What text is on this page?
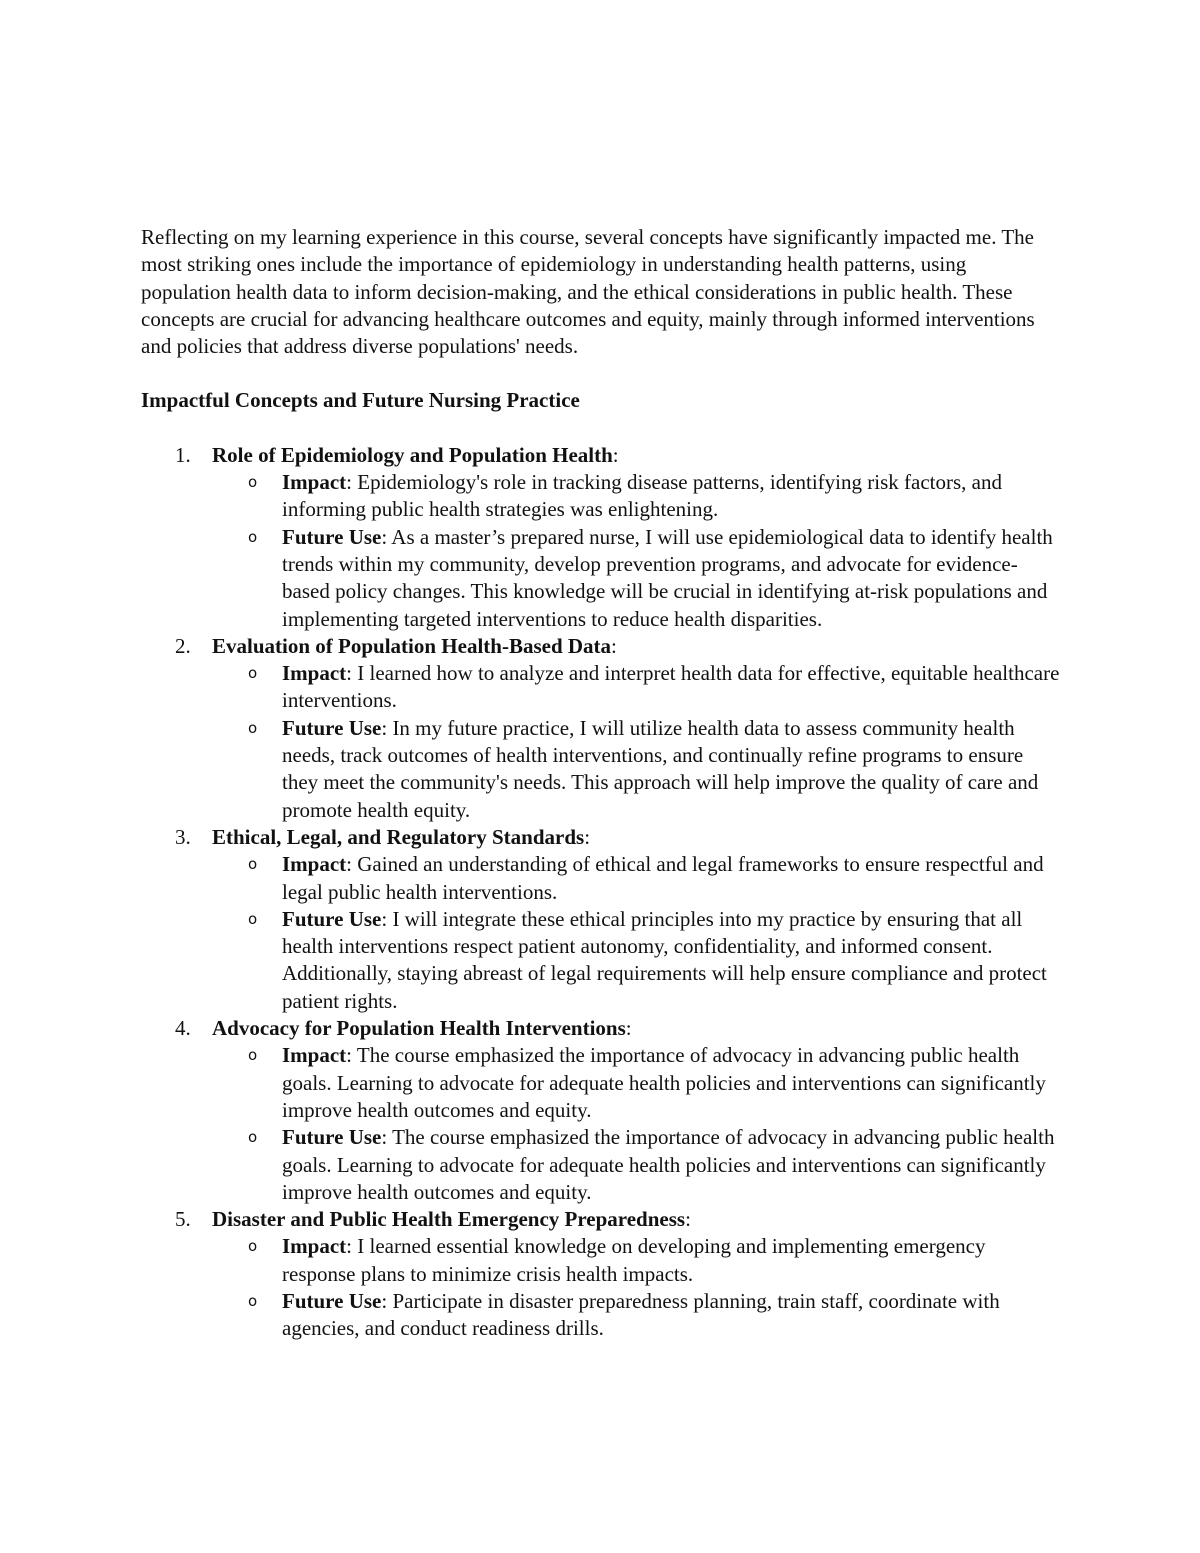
Reflecting on my learning experience in this course, several concepts have significantly impacted me. The most striking ones include the importance of epidemiology in understanding health patterns, using population health data to inform decision-making, and the ethical considerations in public health. These concepts are crucial for advancing healthcare outcomes and equity, mainly through informed interventions and policies that address diverse populations' needs.

Impactful Concepts and Future Nursing Practice

1. Role of Epidemiology and Population Health:
o Impact: Epidemiology's role in tracking disease patterns, identifying risk factors, and informing public health strategies was enlightening.
o Future Use: As a master’s prepared nurse, I will use epidemiological data to identify health trends within my community, develop prevention programs, and advocate for evidence-based policy changes. This knowledge will be crucial in identifying at-risk populations and implementing targeted interventions to reduce health disparities.
2. Evaluation of Population Health-Based Data:
o Impact: I learned how to analyze and interpret health data for effective, equitable healthcare interventions.
o Future Use: In my future practice, I will utilize health data to assess community health needs, track outcomes of health interventions, and continually refine programs to ensure they meet the community's needs. This approach will help improve the quality of care and promote health equity.
3. Ethical, Legal, and Regulatory Standards:
o Impact: Gained an understanding of ethical and legal frameworks to ensure respectful and legal public health interventions.
o Future Use: I will integrate these ethical principles into my practice by ensuring that all health interventions respect patient autonomy, confidentiality, and informed consent. Additionally, staying abreast of legal requirements will help ensure compliance and protect patient rights.
4. Advocacy for Population Health Interventions:
o Impact: The course emphasized the importance of advocacy in advancing public health goals. Learning to advocate for adequate health policies and interventions can significantly improve health outcomes and equity.
o Future Use: The course emphasized the importance of advocacy in advancing public health goals. Learning to advocate for adequate health policies and interventions can significantly improve health outcomes and equity.
5. Disaster and Public Health Emergency Preparedness:
o Impact: I learned essential knowledge on developing and implementing emergency response plans to minimize crisis health impacts.
o Future Use: Participate in disaster preparedness planning, train staff, coordinate with agencies, and conduct readiness drills.
